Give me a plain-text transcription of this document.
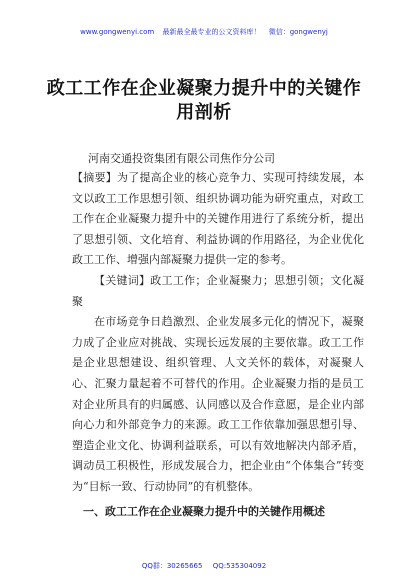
www.gongwenyi.com 最新最全最专业的公文资料库！ 微信：gongwenyj
政工工作在企业凝聚力提升中的关键作用剖析
河南交通投资集团有限公司焦作分公司

【摘要】为了提高企业的核心竞争力、实现可持续发展，本文以政工工作思想引领、组织协调功能为研究重点，对政工工作在企业凝聚力提升中的关键作用进行了系统分析，提出了思想引领、文化培育、利益协调的作用路径，为企业优化政工工作、增强内部凝聚力提供一定的参考。

【关键词】政工工作；企业凝聚力；思想引领；文化凝聚

在市场竞争日趋激烈、企业发展多元化的情况下，凝聚力成了企业应对挑战、实现长远发展的主要依靠。政工工作是企业思想建设、组织管理、人文关怀的载体，对凝聚人心、汇聚力量起着不可替代的作用。企业凝聚力指的是员工对企业所具有的归属感、认同感以及合作意愿，是企业内部向心力和外部竞争力的来源。政工工作依靠加强思想引导、塑造企业文化、协调利益联系，可以有效地解决内部矛盾，调动员工积极性，形成发展合力，把企业由“个体集合”转变为“目标一致、行动协同”的有机整体。

一、政工工作在企业凝聚力提升中的关键作用概述

QQ群：30265665 QQ:535304092
